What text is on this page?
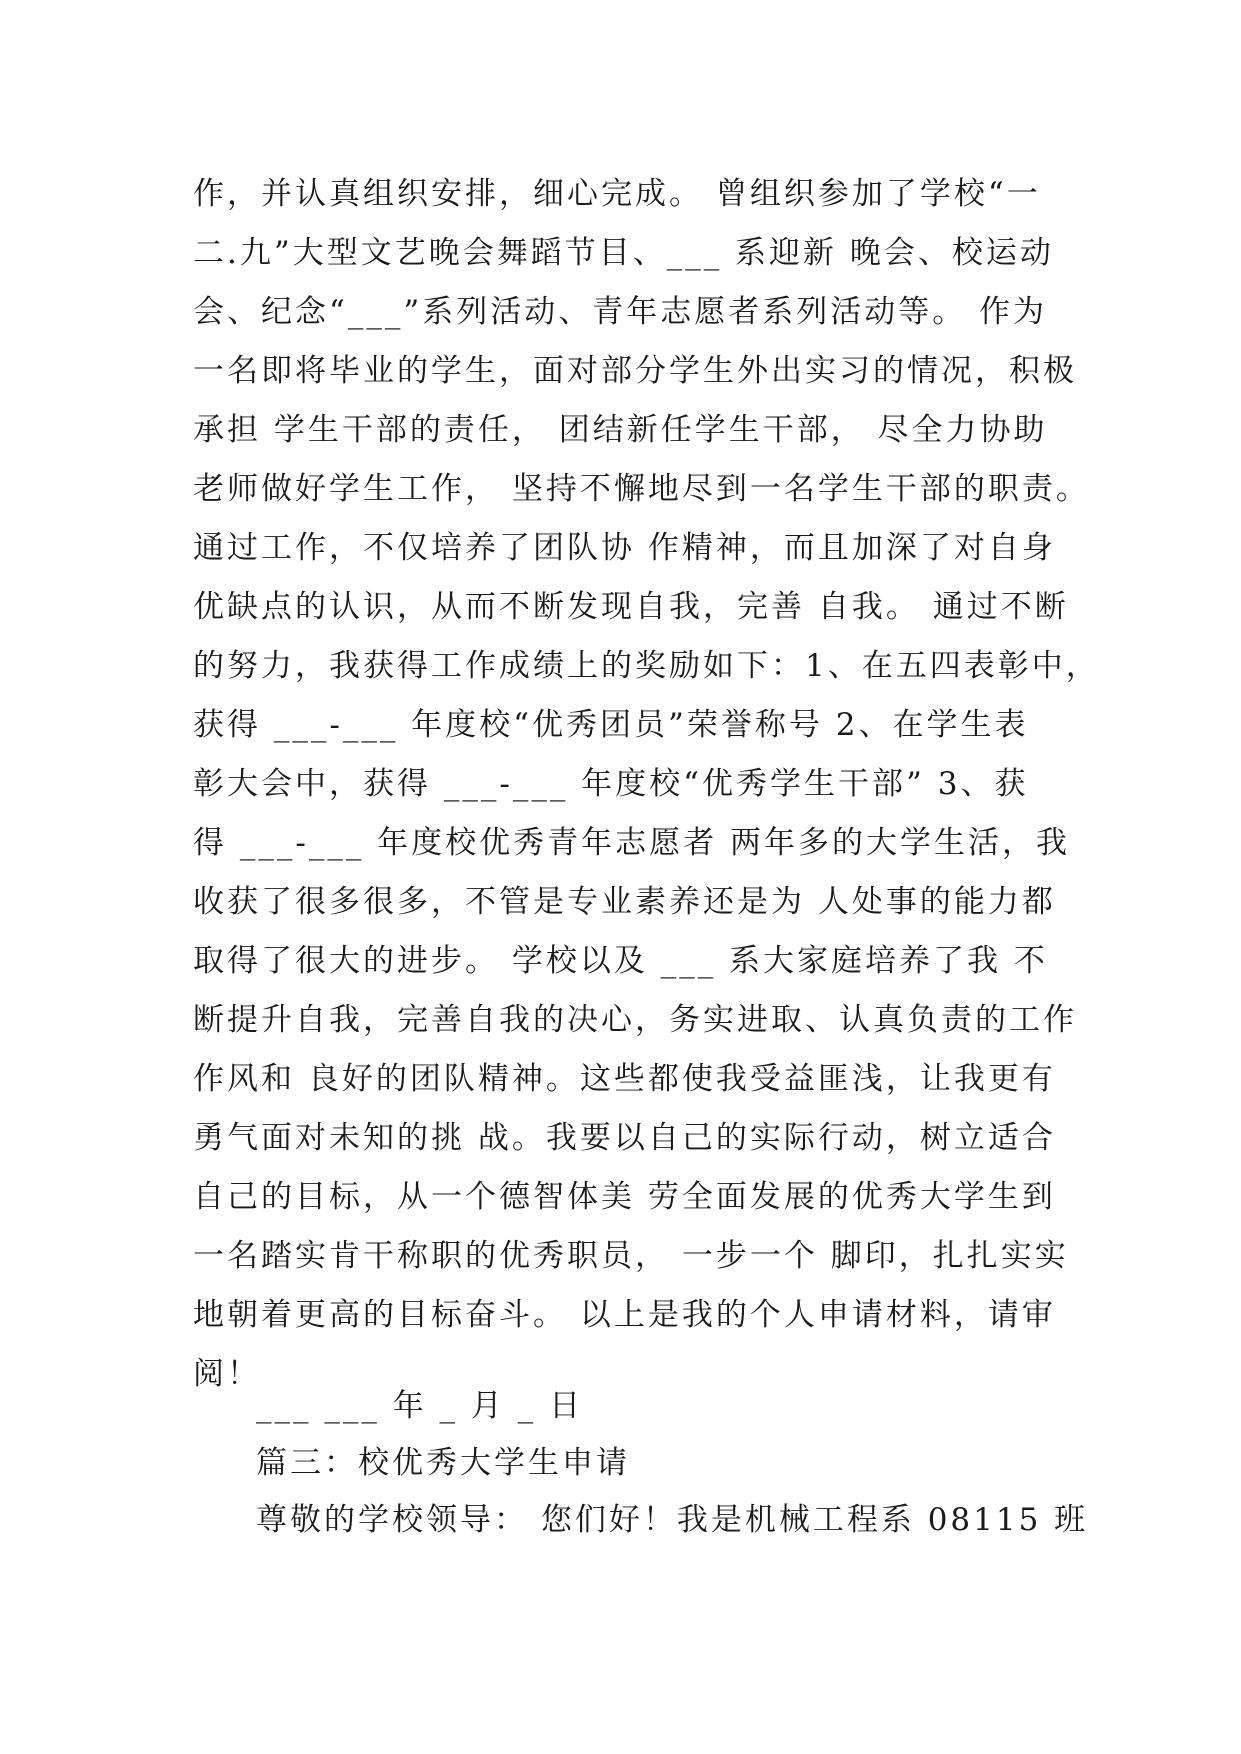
作，并认真组织安排，细心完成。 曾组织参加了学校“一
二.九”大型文艺晚会舞蹈节目、___ 系迎新 晚会、校运动
会、纪念“___”系列活动、青年志愿者系列活动等。 作为
一名即将毕业的学生，面对部分学生外出实习的情况，积极
承担 学生干部的责任， 团结新任学生干部， 尽全力协助
老师做好学生工作， 坚持不懈地尽到一名学生干部的职责。
通过工作，不仅培养了团队协 作精神，而且加深了对自身
优缺点的认识，从而不断发现自我，完善 自我。 通过不断
的努力，我获得工作成绩上的奖励如下：1、在五四表彰中，
获得 ___-___ 年度校“优秀团员”荣誉称号 2、在学生表
彰大会中，获得 ___-___ 年度校“优秀学生干部” 3、获
得 ___-___ 年度校优秀青年志愿者 两年多的大学生活，我
收获了很多很多，不管是专业素养还是为 人处事的能力都
取得了很大的进步。 学校以及 ___ 系大家庭培养了我 不
断提升自我，完善自我的决心，务实进取、认真负责的工作
作风和 良好的团队精神。这些都使我受益匪浅，让我更有
勇气面对未知的挑 战。我要以自己的实际行动，树立适合
自己的目标，从一个德智体美 劳全面发展的优秀大学生到
一名踏实肯干称职的优秀职员， 一步一个 脚印，扎扎实实
地朝着更高的目标奋斗。 以上是我的个人申请材料，请审
阅！
___ ___ 年 _ 月 _ 日
篇三：校优秀大学生申请
尊敬的学校领导： 您们好！我是机械工程系 08115 班
